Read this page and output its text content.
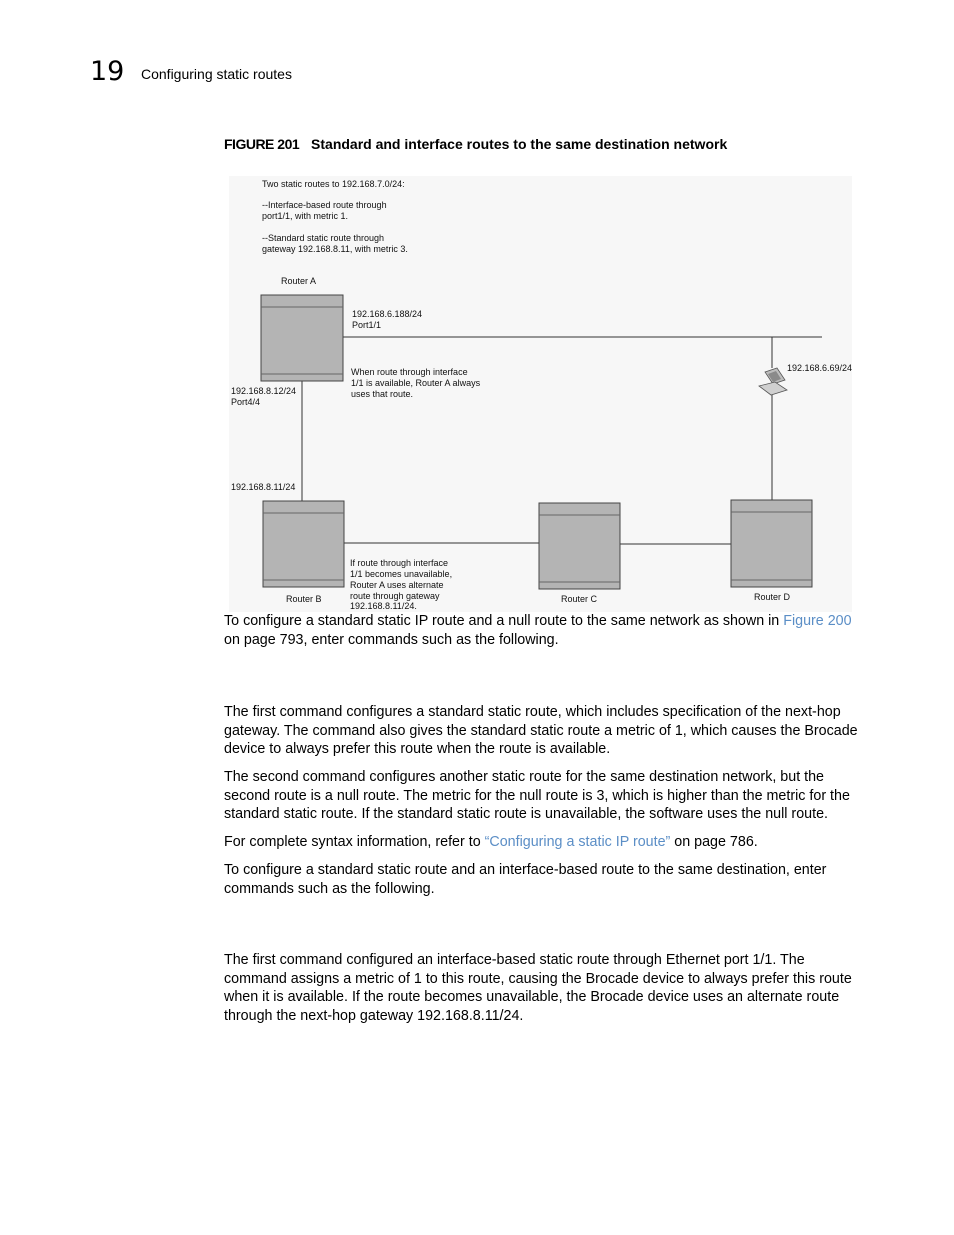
19 Configuring static routes
FIGURE 201 Standard and interface routes to the same destination network
Two static routes to 192.168.7.0/24:
--Interface-based route through
port1/1, with metric 1.
--Standard static route through
gateway 192.168.8.11, with metric 3.
Router A
Router B	Router C	Router D
192.168.6.69/24
192.168.6.188/24
Port1/1
192.168.8.12/24
Port4/4
192.168.8.11/24
When route through interface
1/1 is available, Router A always
uses that route.
If route through interface
1/1 becomes unavailable,
Router A uses alternate
route through gateway
192.168.8.11/24.

To configure a standard static IP route and a null route to the same network as shown in Figure 200 on page 793, enter commands such as the following.

The first command configures a standard static route, which includes specification of the next-hop gateway. The command also gives the standard static route a metric of 1, which causes the Brocade device to always prefer this route when the route is available.

The second command configures another static route for the same destination network, but the second route is a null route. The metric for the null route is 3, which is higher than the metric for the standard static route. If the standard static route is unavailable, the software uses the null route.

For complete syntax information, refer to “Configuring a static IP route” on page 786.

To configure a standard static route and an interface-based route to the same destination, enter commands such as the following.

The first command configured an interface-based static route through Ethernet port 1/1. The command assigns a metric of 1 to this route, causing the Brocade device to always prefer this route when it is available. If the route becomes unavailable, the Brocade device uses an alternate route through the next-hop gateway 192.168.8.11/24.
